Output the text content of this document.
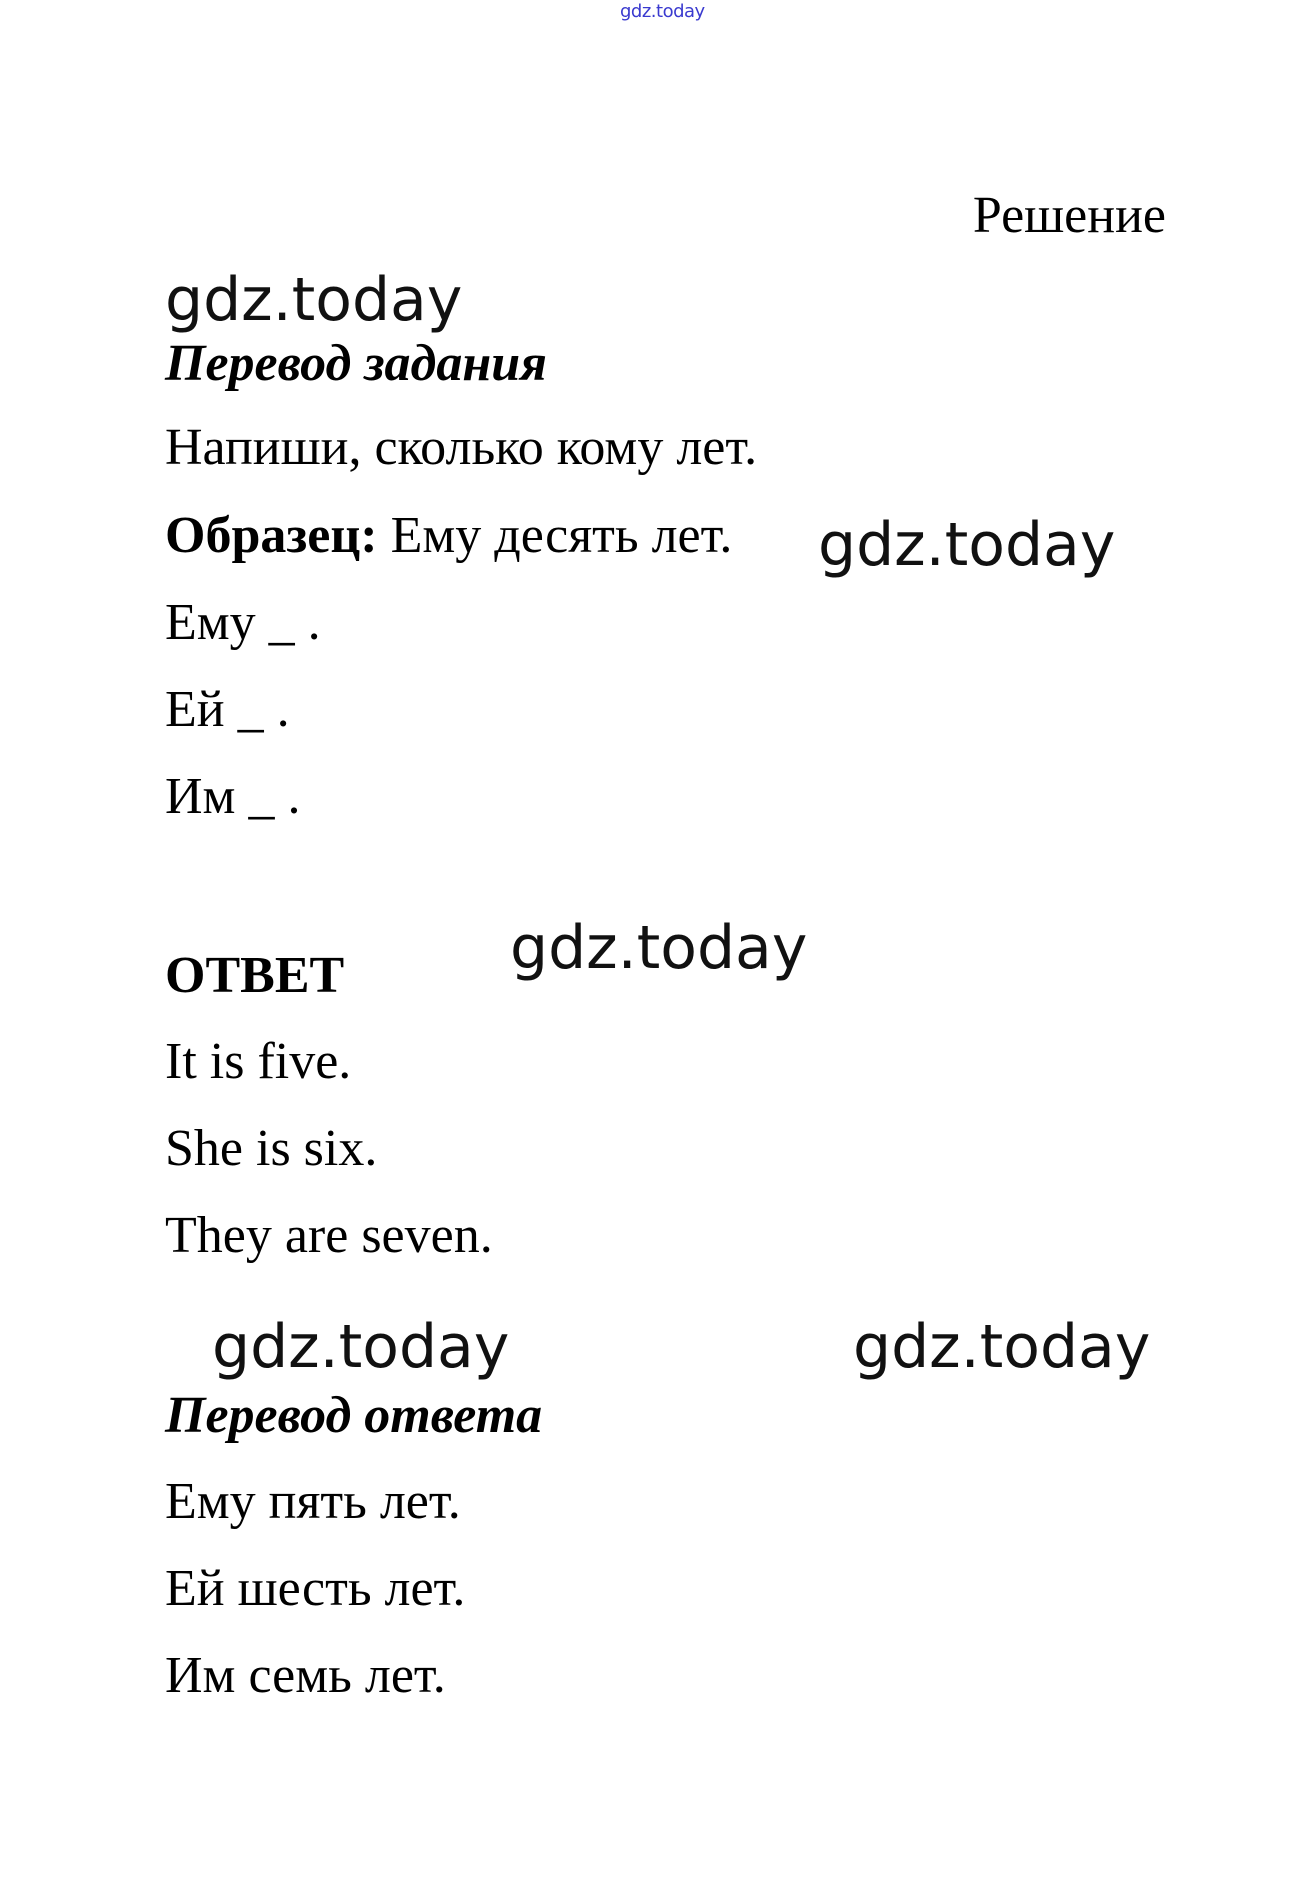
gdz.today
Решение
gdz.today
Перевод задания
Напиши, сколько кому лет.
Образец: Ему десять лет. gdz.today
Ему _ .
Ей _ .
Им _ .
ОТВЕТ	gdz.today
It is five.
She is six.
They are seven.
gdz.today	gdz.today
Перевод ответа
Ему пять лет.
Ей шесть лет.
Им семь лет.
